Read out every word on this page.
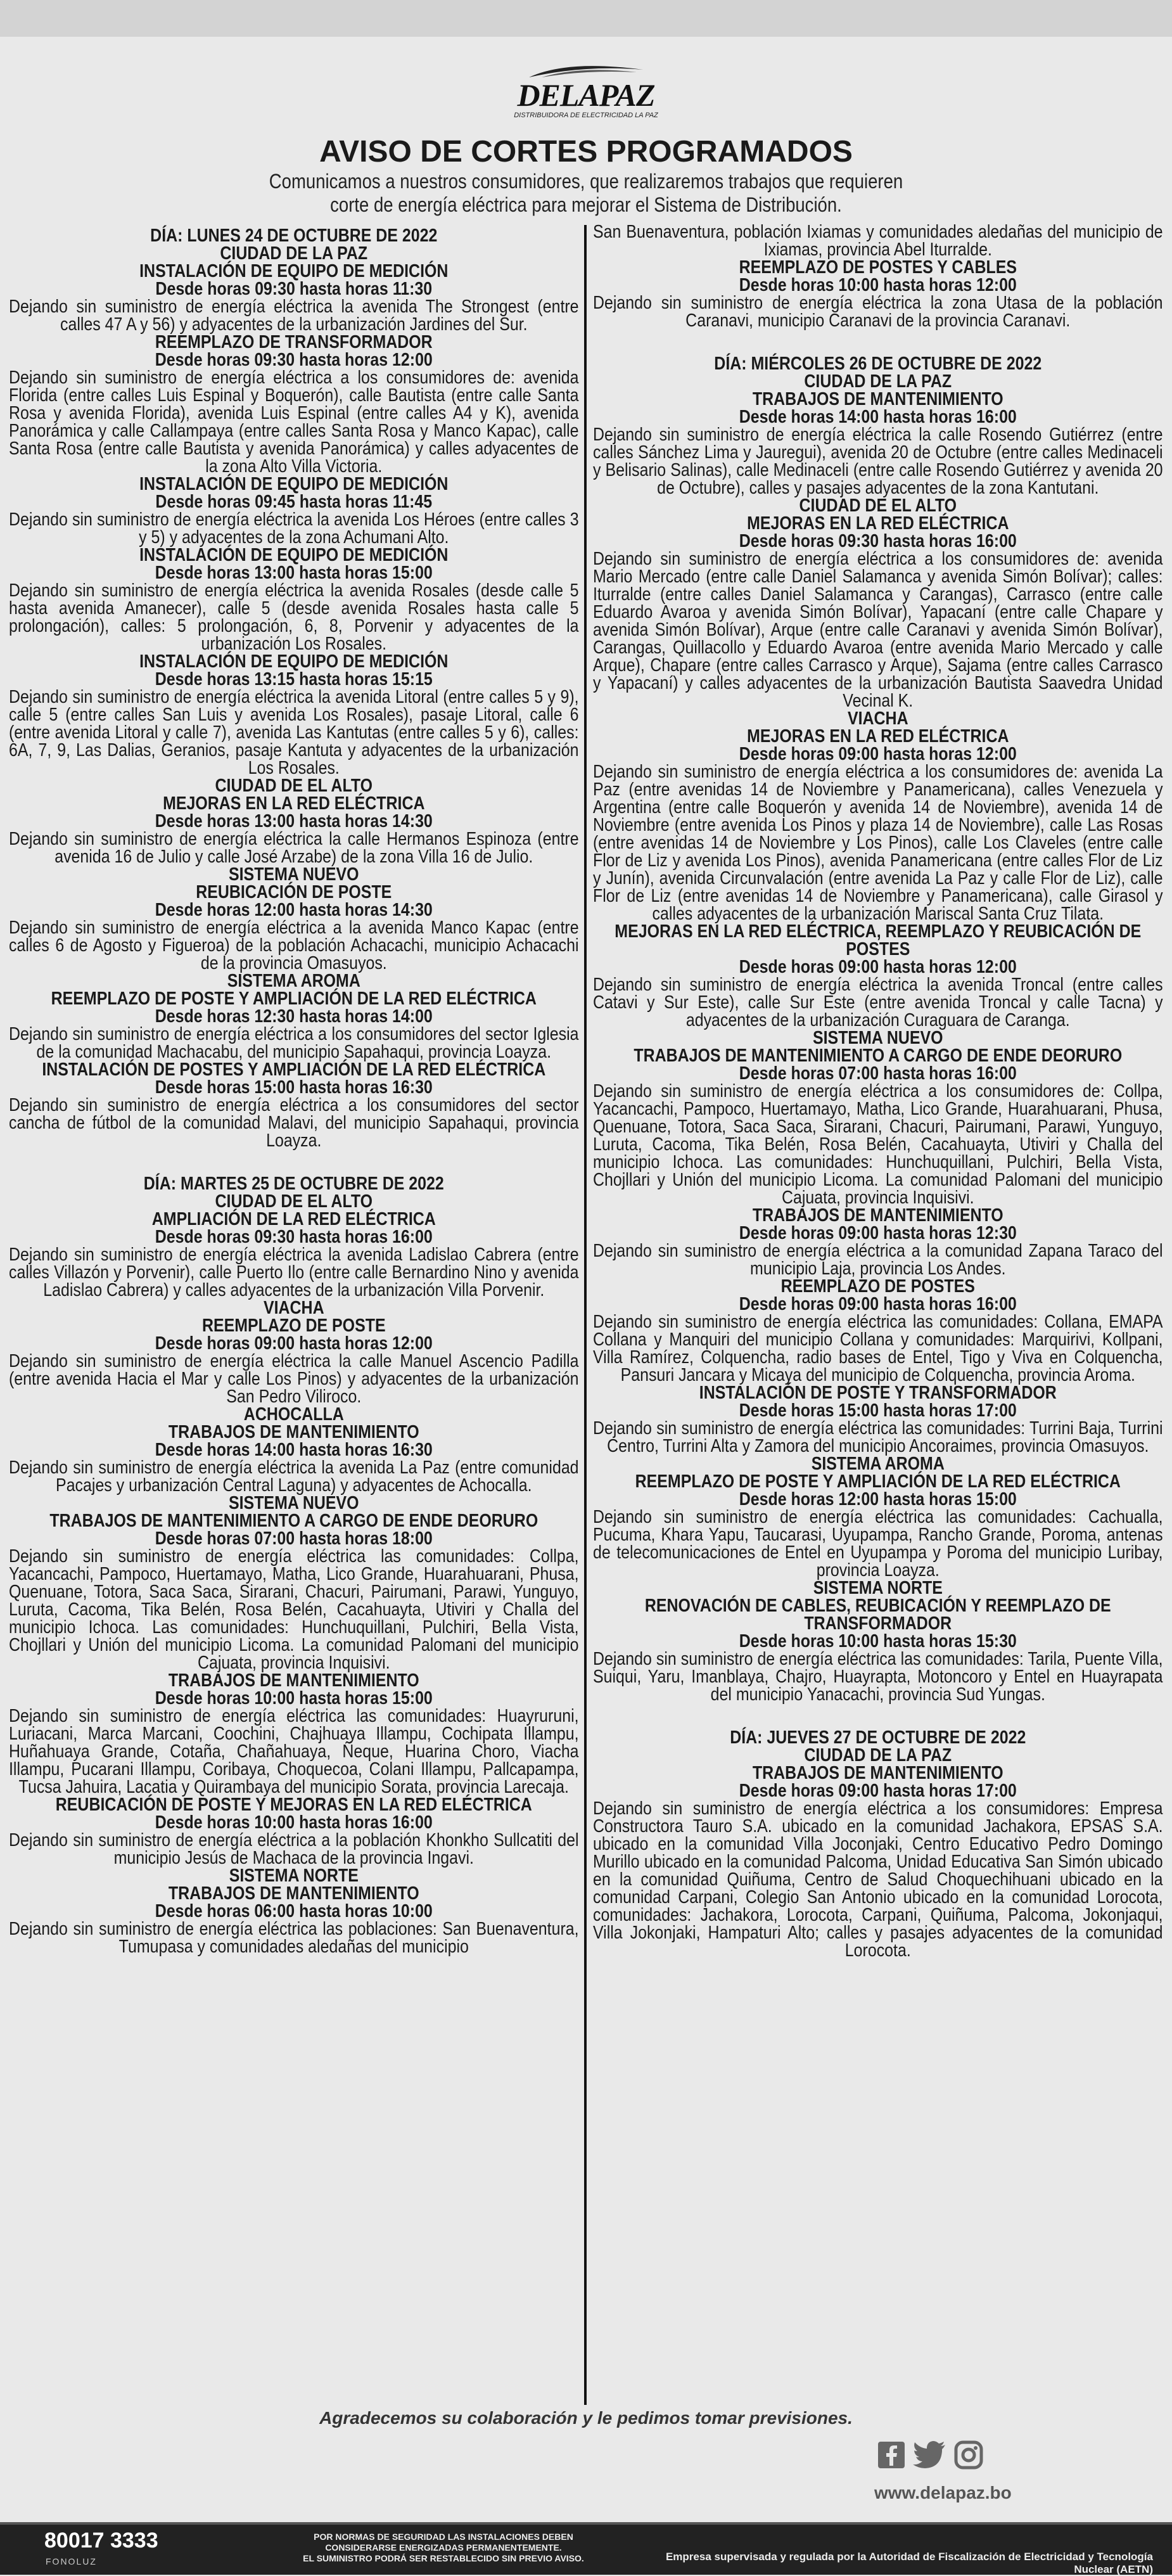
DELAPAZ
DISTRIBUIDORA DE ELECTRICIDAD LA PAZ
AVISO DE CORTES PROGRAMADOS
Comunicamos a nuestros consumidores, que realizaremos trabajos que requieren
corte de energía eléctrica para mejorar el Sistema de Distribución.
DÍA: LUNES 24 DE OCTUBRE DE 2022
CIUDAD DE LA PAZ
INSTALACIÓN DE EQUIPO DE MEDICIÓN
Desde horas 09:30 hasta horas 11:30
Dejando sin suministro de energía eléctrica la avenida The Strongest (entre calles 47 A y 56) y adyacentes de la urbanización Jardines del Sur.
REEMPLAZO DE TRANSFORMADOR
Desde horas 09:30 hasta horas 12:00
Dejando sin suministro de energía eléctrica a los consumidores de: avenida Florida (entre calles Luis Espinal y Boquerón), calle Bautista (entre calle Santa Rosa y avenida Florida), avenida Luis Espinal (entre calles A4 y K), avenida Panorámica y calle Callampaya (entre calles Santa Rosa y Manco Kapac), calle Santa Rosa (entre calle Bautista y avenida Panorámica) y calles adyacentes de la zona Alto Villa Victoria.
INSTALACIÓN DE EQUIPO DE MEDICIÓN
Desde horas 09:45 hasta horas 11:45
Dejando sin suministro de energía eléctrica la avenida Los Héroes (entre calles 3 y 5) y adyacentes de la zona Achumani Alto.
INSTALACIÓN DE EQUIPO DE MEDICIÓN
Desde horas 13:00 hasta horas 15:00
Dejando sin suministro de energía eléctrica la avenida Rosales (desde calle 5 hasta avenida Amanecer), calle 5 (desde avenida Rosales hasta calle 5 prolongación), calles: 5 prolongación, 6, 8, Porvenir y adyacentes de la urbanización Los Rosales.
INSTALACIÓN DE EQUIPO DE MEDICIÓN
Desde horas 13:15 hasta horas 15:15
Dejando sin suministro de energía eléctrica la avenida Litoral (entre calles 5 y 9), calle 5 (entre calles San Luis y avenida Los Rosales), pasaje Litoral, calle 6 (entre avenida Litoral y calle 7), avenida Las Kantutas (entre calles 5 y 6), calles: 6A, 7, 9, Las Dalias, Geranios, pasaje Kantuta y adyacentes de la urbanización Los Rosales.
CIUDAD DE EL ALTO
MEJORAS EN LA RED ELÉCTRICA
Desde horas 13:00 hasta horas 14:30
Dejando sin suministro de energía eléctrica la calle Hermanos Espinoza (entre avenida 16 de Julio y calle José Arzabe) de la zona Villa 16 de Julio.
SISTEMA NUEVO
REUBICACIÓN DE POSTE
Desde horas 12:00 hasta horas 14:30
Dejando sin suministro de energía eléctrica a la avenida Manco Kapac (entre calles 6 de Agosto y Figueroa) de la población Achacachi, municipio Achacachi de la provincia Omasuyos.
SISTEMA AROMA
REEMPLAZO DE POSTE Y AMPLIACIÓN DE LA RED ELÉCTRICA
Desde horas 12:30 hasta horas 14:00
Dejando sin suministro de energía eléctrica a los consumidores del sector Iglesia de la comunidad Machacabu, del municipio Sapahaqui, provincia Loayza.
INSTALACIÓN DE POSTES Y AMPLIACIÓN DE LA RED ELÉCTRICA
Desde horas 15:00 hasta horas 16:30
Dejando sin suministro de energía eléctrica a los consumidores del sector cancha de fútbol de la comunidad Malavi, del municipio Sapahaqui, provincia Loayza.
DÍA: MARTES 25 DE OCTUBRE DE 2022
CIUDAD DE EL ALTO
AMPLIACIÓN DE LA RED ELÉCTRICA
Desde horas 09:30 hasta horas 16:00
Dejando sin suministro de energía eléctrica la avenida Ladislao Cabrera (entre calles Villazón y Porvenir), calle Puerto Ilo (entre calle Bernardino Nino y avenida Ladislao Cabrera) y calles adyacentes de la urbanización Villa Porvenir.
VIACHA
REEMPLAZO DE POSTE
Desde horas 09:00 hasta horas 12:00
Dejando sin suministro de energía eléctrica la calle Manuel Ascencio Padilla (entre avenida Hacia el Mar y calle Los Pinos) y adyacentes de la urbanización San Pedro Viliroco.
ACHOCALLA
TRABAJOS DE MANTENIMIENTO
Desde horas 14:00 hasta horas 16:30
Dejando sin suministro de energía eléctrica la avenida La Paz (entre comunidad Pacajes y urbanización Central Laguna) y adyacentes de Achocalla.
SISTEMA NUEVO
TRABAJOS DE MANTENIMIENTO A CARGO DE ENDE DEORURO
Desde horas 07:00 hasta horas 18:00
Dejando sin suministro de energía eléctrica las comunidades: Collpa, Yacancachi, Pampoco, Huertamayo, Matha, Lico Grande, Huarahuarani, Phusa, Quenuane, Totora, Saca Saca, Sirarani, Chacuri, Pairumani, Parawi, Yunguyo, Luruta, Cacoma, Tika Belén, Rosa Belén, Cacahuayta, Utiviri y Challa del municipio Ichoca. Las comunidades: Hunchuquillani, Pulchiri, Bella Vista, Chojllari y Unión del municipio Licoma. La comunidad Palomani del municipio Cajuata, provincia Inquisivi.
TRABAJOS DE MANTENIMIENTO
Desde horas 10:00 hasta horas 15:00
Dejando sin suministro de energía eléctrica las comunidades: Huayruruni, Luriacani, Marca Marcani, Coochini, Chajhuaya Illampu, Cochipata Illampu, Huñahuaya Grande, Cotaña, Chañahuaya, Ñeque, Huarina Choro, Viacha Illampu, Pucarani Illampu, Coribaya, Choquecoa, Colani Illampu, Pallcapampa, Tucsa Jahuira, Lacatia y Quirambaya del municipio Sorata, provincia Larecaja.
REUBICACIÓN DE POSTE Y MEJORAS EN LA RED ELÉCTRICA
Desde horas 10:00 hasta horas 16:00
Dejando sin suministro de energía eléctrica a la población Khonkho Sullcatiti del municipio Jesús de Machaca de la provincia Ingavi.
SISTEMA NORTE
TRABAJOS DE MANTENIMIENTO
Desde horas 06:00 hasta horas 10:00
Dejando sin suministro de energía eléctrica las poblaciones: San Buenaventura, Tumupasa y comunidades aledañas del municipio
San Buenaventura, población Ixiamas y comunidades aledañas del municipio de Ixiamas, provincia Abel Iturralde.
REEMPLAZO DE POSTES Y CABLES
Desde horas 10:00 hasta horas 12:00
Dejando sin suministro de energía eléctrica la zona Utasa de la población Caranavi, municipio Caranavi de la provincia Caranavi.
DÍA: MIÉRCOLES 26 DE OCTUBRE DE 2022
CIUDAD DE LA PAZ
TRABAJOS DE MANTENIMIENTO
Desde horas 14:00 hasta horas 16:00
Dejando sin suministro de energía eléctrica la calle Rosendo Gutiérrez (entre calles Sánchez Lima y Jauregui), avenida 20 de Octubre (entre calles Medinaceli y Belisario Salinas), calle Medinaceli (entre calle Rosendo Gutiérrez y avenida 20 de Octubre), calles y pasajes adyacentes de la zona Kantutani.
CIUDAD DE EL ALTO
MEJORAS EN LA RED ELÉCTRICA
Desde horas 09:30 hasta horas 16:00
Dejando sin suministro de energía eléctrica a los consumidores de: avenida Mario Mercado (entre calle Daniel Salamanca y avenida Simón Bolívar); calles: Iturralde (entre calles Daniel Salamanca y Carangas), Carrasco (entre calle Eduardo Avaroa y avenida Simón Bolívar), Yapacaní (entre calle Chapare y avenida Simón Bolívar), Arque (entre calle Caranavi y avenida Simón Bolívar), Carangas, Quillacollo y Eduardo Avaroa (entre avenida Mario Mercado y calle Arque), Chapare (entre calles Carrasco y Arque), Sajama (entre calles Carrasco y Yapacaní) y calles adyacentes de la urbanización Bautista Saavedra Unidad Vecinal K.
VIACHA
MEJORAS EN LA RED ELÉCTRICA
Desde horas 09:00 hasta horas 12:00
Dejando sin suministro de energía eléctrica a los consumidores de: avenida La Paz (entre avenidas 14 de Noviembre y Panamericana), calles Venezuela y Argentina (entre calle Boquerón y avenida 14 de Noviembre), avenida 14 de Noviembre (entre avenida Los Pinos y plaza 14 de Noviembre), calle Las Rosas (entre avenidas 14 de Noviembre y Los Pinos), calle Los Claveles (entre calle Flor de Liz y avenida Los Pinos), avenida Panamericana (entre calles Flor de Liz y Junín), avenida Circunvalación (entre avenida La Paz y calle Flor de Liz), calle Flor de Liz (entre avenidas 14 de Noviembre y Panamericana), calle Girasol y calles adyacentes de la urbanización Mariscal Santa Cruz Tilata.
MEJORAS EN LA RED ELÉCTRICA, REEMPLAZO Y REUBICACIÓN DE POSTES
Desde horas 09:00 hasta horas 12:00
Dejando sin suministro de energía eléctrica la avenida Troncal (entre calles Catavi y Sur Este), calle Sur Este (entre avenida Troncal y calle Tacna) y adyacentes de la urbanización Curaguara de Caranga.
SISTEMA NUEVO
TRABAJOS DE MANTENIMIENTO A CARGO DE ENDE DEORURO
Desde horas 07:00 hasta horas 16:00
Dejando sin suministro de energía eléctrica a los consumidores de: Collpa, Yacancachi, Pampoco, Huertamayo, Matha, Lico Grande, Huarahuarani, Phusa, Quenuane, Totora, Saca Saca, Sirarani, Chacuri, Pairumani, Parawi, Yunguyo, Luruta, Cacoma, Tika Belén, Rosa Belén, Cacahuayta, Utiviri y Challa del municipio Ichoca. Las comunidades: Hunchuquillani, Pulchiri, Bella Vista, Chojllari y Unión del municipio Licoma. La comunidad Palomani del municipio Cajuata, provincia Inquisivi.
TRABAJOS DE MANTENIMIENTO
Desde horas 09:00 hasta horas 12:30
Dejando sin suministro de energía eléctrica a la comunidad Zapana Taraco del municipio Laja, provincia Los Andes.
REEMPLAZO DE POSTES
Desde horas 09:00 hasta horas 16:00
Dejando sin suministro de energía eléctrica las comunidades: Collana, EMAPA Collana y Manquiri del municipio Collana y comunidades: Marquirivi, Kollpani, Villa Ramírez, Colquencha, radio bases de Entel, Tigo y Viva en Colquencha, Pansuri Jancara y Micaya del municipio de Colquencha, provincia Aroma.
INSTALACIÓN DE POSTE Y TRANSFORMADOR
Desde horas 15:00 hasta horas 17:00
Dejando sin suministro de energía eléctrica las comunidades: Turrini Baja, Turrini Centro, Turrini Alta y Zamora del municipio Ancoraimes, provincia Omasuyos.
SISTEMA AROMA
REEMPLAZO DE POSTE Y AMPLIACIÓN DE LA RED ELÉCTRICA
Desde horas 12:00 hasta horas 15:00
Dejando sin suministro de energía eléctrica las comunidades: Cachualla, Pucuma, Khara Yapu, Taucarasi, Uyupampa, Rancho Grande, Poroma, antenas de telecomunicaciones de Entel en Uyupampa y Poroma del municipio Luribay, provincia Loayza.
SISTEMA NORTE
RENOVACIÓN DE CABLES, REUBICACIÓN Y REEMPLAZO DE TRANSFORMADOR
Desde horas 10:00 hasta horas 15:30
Dejando sin suministro de energía eléctrica las comunidades: Tarila, Puente Villa, Suiqui, Yaru, Imanblaya, Chajro, Huayrapta, Motoncoro y Entel en Huayrapata del municipio Yanacachi, provincia Sud Yungas.
DÍA: JUEVES 27 DE OCTUBRE DE 2022
CIUDAD DE LA PAZ
TRABAJOS DE MANTENIMIENTO
Desde horas 09:00 hasta horas 17:00
Dejando sin suministro de energía eléctrica a los consumidores: Empresa Constructora Tauro S.A. ubicado en la comunidad Jachakora, EPSAS S.A. ubicado en la comunidad Villa Joconjaki, Centro Educativo Pedro Domingo Murillo ubicado en la comunidad Palcoma, Unidad Educativa San Simón ubicado en la comunidad Quiñuma, Centro de Salud Choquechihuani ubicado en la comunidad Carpani, Colegio San Antonio ubicado en la comunidad Lorocota, comunidades: Jachakora, Lorocota, Carpani, Quiñuma, Palcoma, Jokonjaqui, Villa Jokonjaki, Hampaturi Alto; calles y pasajes adyacentes de la comunidad Lorocota.
Agradecemos su colaboración y le pedimos tomar previsiones.
www.delapaz.bo
80017 3333
FONOLUZ
POR NORMAS DE SEGURIDAD LAS INSTALACIONES DEBEN
CONSIDERARSE ENERGIZADAS PERMANENTEMENTE.
EL SUMINISTRO PODRÁ SER RESTABLECIDO SIN PREVIO AVISO.	Empresa supervisada y regulada por la Autoridad de Fiscalización de Electricidad y Tecnología Nuclear (AETN)
